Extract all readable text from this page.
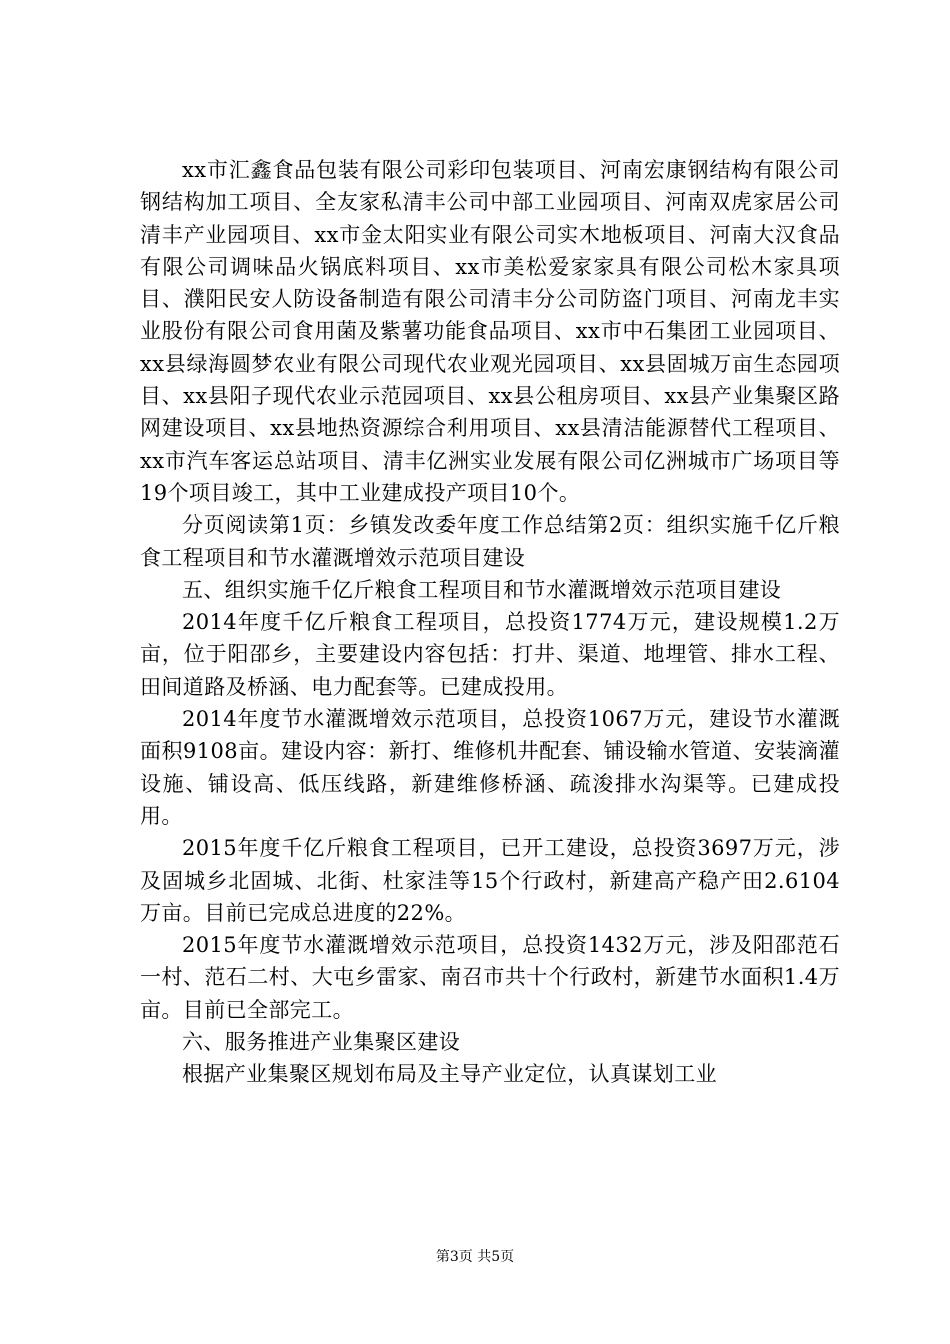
xx市汇鑫食品包装有限公司彩印包装项目、河南宏康钢结构有限公司钢结构加工项目、全友家私清丰公司中部工业园项目、河南双虎家居公司清丰产业园项目、xx市金太阳实业有限公司实木地板项目、河南大汉食品有限公司调味品火锅底料项目、xx市美松爱家家具有限公司松木家具项目、濮阳民安人防设备制造有限公司清丰分公司防盗门项目、河南龙丰实业股份有限公司食用菌及紫薯功能食品项目、xx市中石集团工业园项目、xx县绿海圆梦农业有限公司现代农业观光园项目、xx县固城万亩生态园项目、xx县阳子现代农业示范园项目、xx县公租房项目、xx县产业集聚区路网建设项目、xx县地热资源综合利用项目、xx县清洁能源替代工程项目、xx市汽车客运总站项目、清丰亿洲实业发展有限公司亿洲城市广场项目等19个项目竣工，其中工业建成投产项目10个。

分页阅读第1页：乡镇发改委年度工作总结第2页：组织实施千亿斤粮食工程项目和节水灌溉增效示范项目建设

五、组织实施千亿斤粮食工程项目和节水灌溉增效示范项目建设

2014年度千亿斤粮食工程项目，总投资1774万元，建设规模1.2万亩，位于阳邵乡，主要建设内容包括：打井、渠道、地埋管、排水工程、田间道路及桥涵、电力配套等。已建成投用。

2014年度节水灌溉增效示范项目，总投资1067万元，建设节水灌溉面积9108亩。建设内容：新打、维修机井配套、铺设输水管道、安装滴灌设施、铺设高、低压线路，新建维修桥涵、疏浚排水沟渠等。已建成投用。

2015年度千亿斤粮食工程项目，已开工建设，总投资3697万元，涉及固城乡北固城、北街、杜家洼等15个行政村，新建高产稳产田2.6104万亩。目前已完成总进度的22%。

2015年度节水灌溉增效示范项目，总投资1432万元，涉及阳邵范石一村、范石二村、大屯乡雷家、南召市共十个行政村，新建节水面积1.4万亩。目前已全部完工。

六、服务推进产业集聚区建设

根据产业集聚区规划布局及主导产业定位，认真谋划工业

第3页 共5页
